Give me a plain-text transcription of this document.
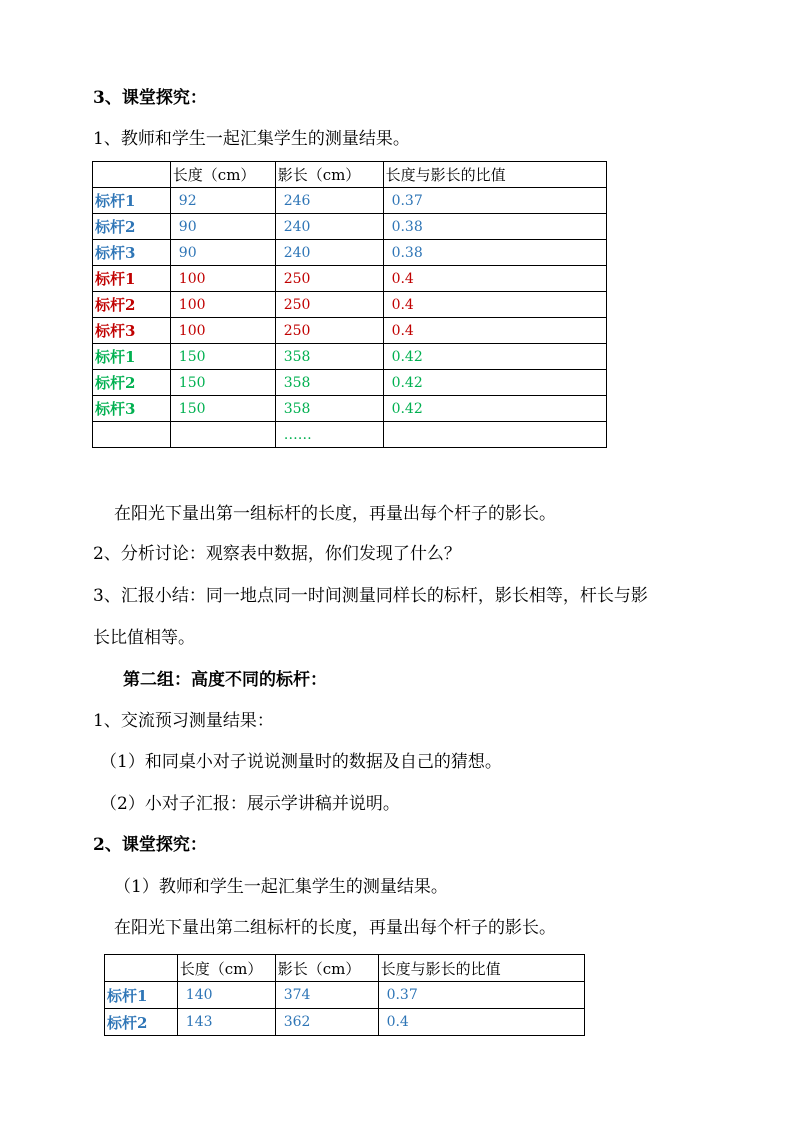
3、课堂探究：
1、教师和学生一起汇集学生的测量结果。
	长度（cm）	影长（cm）	长度与影长的比值
标杆1	92	246	0.37
标杆2	90	240	0.38
标杆3	90	240	0.38
标杆1	100	250	0.4
标杆2	100	250	0.4
标杆3	100	250	0.4
标杆1	150	358	0.42
标杆2	150	358	0.42
标杆3	150	358	0.42
		……	
在阳光下量出第一组标杆的长度，再量出每个杆子的影长。
2、分析讨论：观察表中数据，你们发现了什么？
3、汇报小结：同一地点同一时间测量同样长的标杆，影长相等，杆长与影
长比值相等。
第二组：高度不同的标杆：
1、交流预习测量结果：
（1）和同桌小对子说说测量时的数据及自己的猜想。
（2）小对子汇报：展示学讲稿并说明。
2、课堂探究：
（1）教师和学生一起汇集学生的测量结果。
在阳光下量出第二组标杆的长度，再量出每个杆子的影长。
	长度（cm）	影长（cm）	长度与影长的比值
标杆1	140	374	0.37
标杆2	143	362	0.4
